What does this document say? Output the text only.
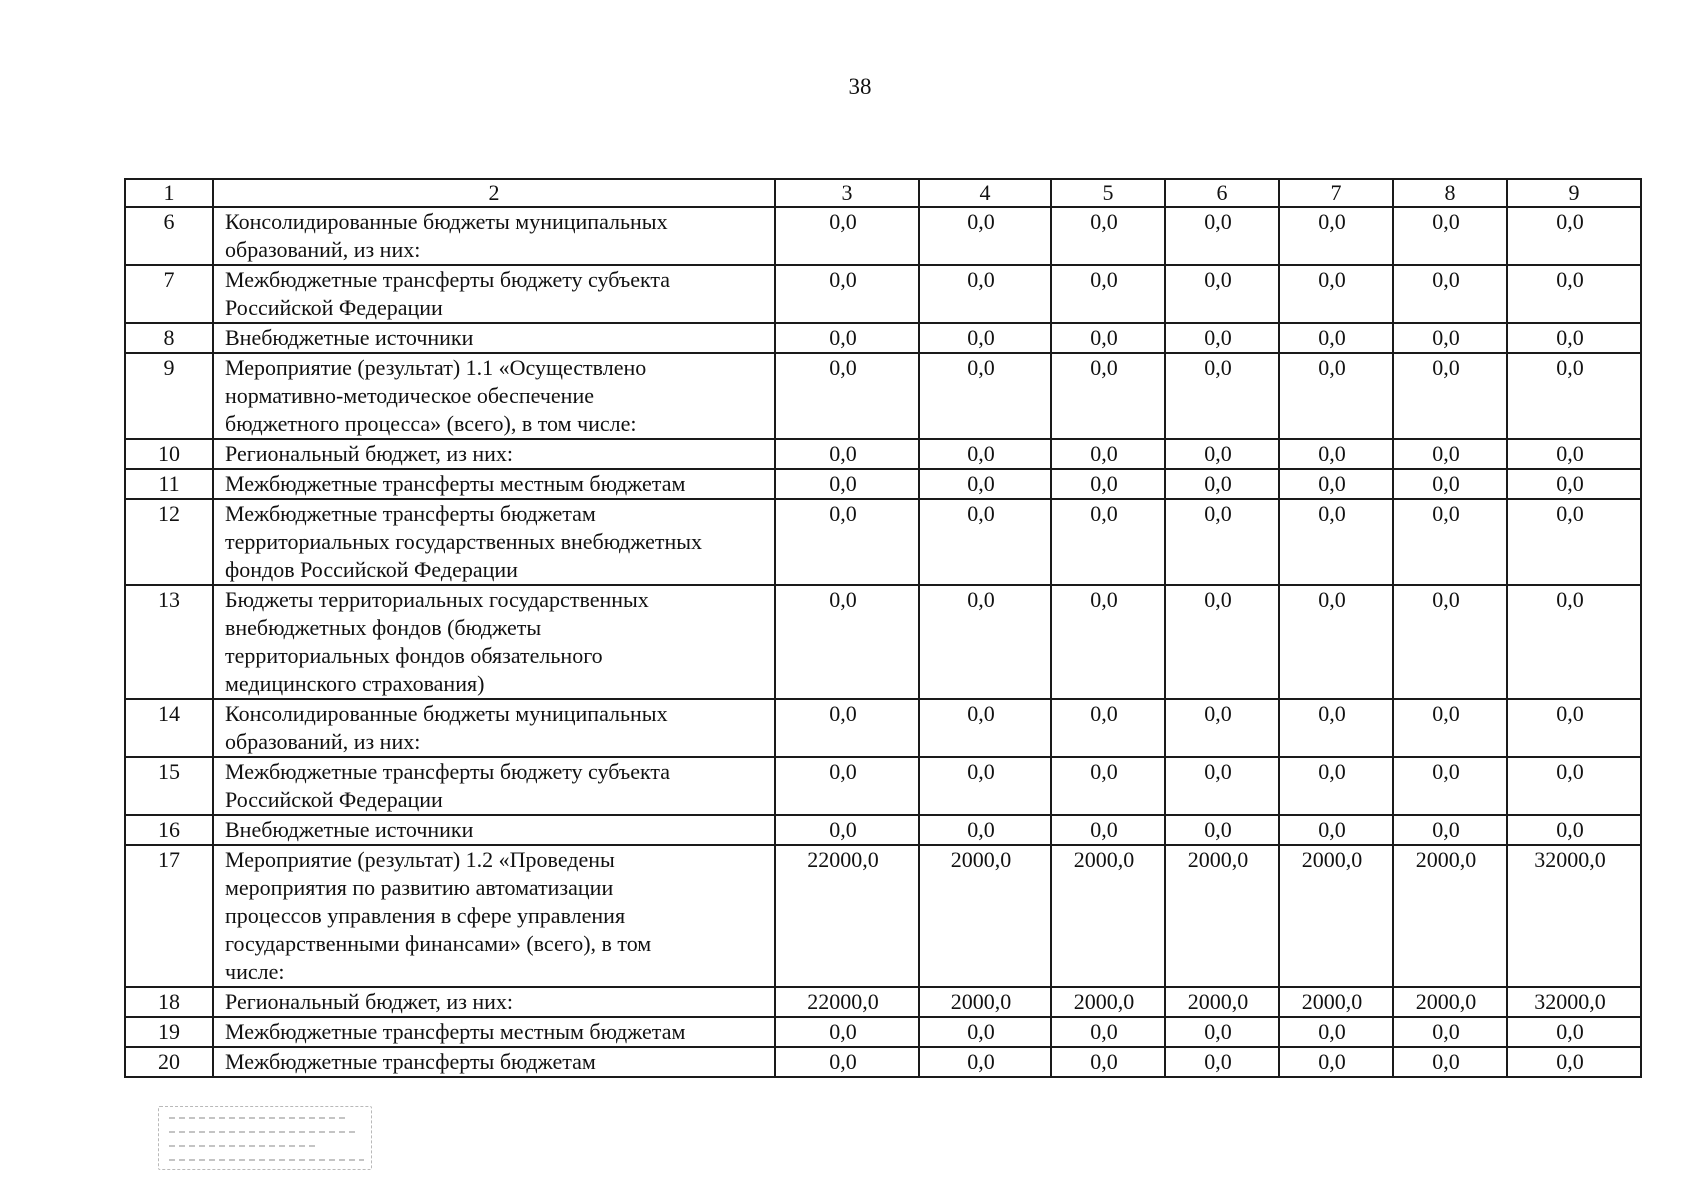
38
1	2	3	4	5	6	7	8	9
6	Консолидированные бюджеты муниципальных
образований, из них:	0,0	0,0	0,0	0,0	0,0	0,0	0,0
7	Межбюджетные трансферты бюджету субъекта
Российской Федерации	0,0	0,0	0,0	0,0	0,0	0,0	0,0
8	Внебюджетные источники	0,0	0,0	0,0	0,0	0,0	0,0	0,0
9	Мероприятие (результат) 1.1 «Осуществлено
нормативно-методическое обеспечение
бюджетного процесса» (всего), в том числе:	0,0	0,0	0,0	0,0	0,0	0,0	0,0
10	Региональный бюджет, из них:	0,0	0,0	0,0	0,0	0,0	0,0	0,0
11	Межбюджетные трансферты местным бюджетам	0,0	0,0	0,0	0,0	0,0	0,0	0,0
12	Межбюджетные трансферты бюджетам
территориальных государственных внебюджетных
фондов Российской Федерации	0,0	0,0	0,0	0,0	0,0	0,0	0,0
13	Бюджеты территориальных государственных
внебюджетных фондов (бюджеты
территориальных фондов обязательного
медицинского страхования)	0,0	0,0	0,0	0,0	0,0	0,0	0,0
14	Консолидированные бюджеты муниципальных
образований, из них:	0,0	0,0	0,0	0,0	0,0	0,0	0,0
15	Межбюджетные трансферты бюджету субъекта
Российской Федерации	0,0	0,0	0,0	0,0	0,0	0,0	0,0
16	Внебюджетные источники	0,0	0,0	0,0	0,0	0,0	0,0	0,0
17	Мероприятие (результат) 1.2 «Проведены
мероприятия по развитию автоматизации
процессов управления в сфере управления
государственными финансами» (всего), в том
числе:	22000,0	2000,0	2000,0	2000,0	2000,0	2000,0	32000,0
18	Региональный бюджет, из них:	22000,0	2000,0	2000,0	2000,0	2000,0	2000,0	32000,0
19	Межбюджетные трансферты местным бюджетам	0,0	0,0	0,0	0,0	0,0	0,0	0,0
20	Межбюджетные трансферты бюджетам	0,0	0,0	0,0	0,0	0,0	0,0	0,0
